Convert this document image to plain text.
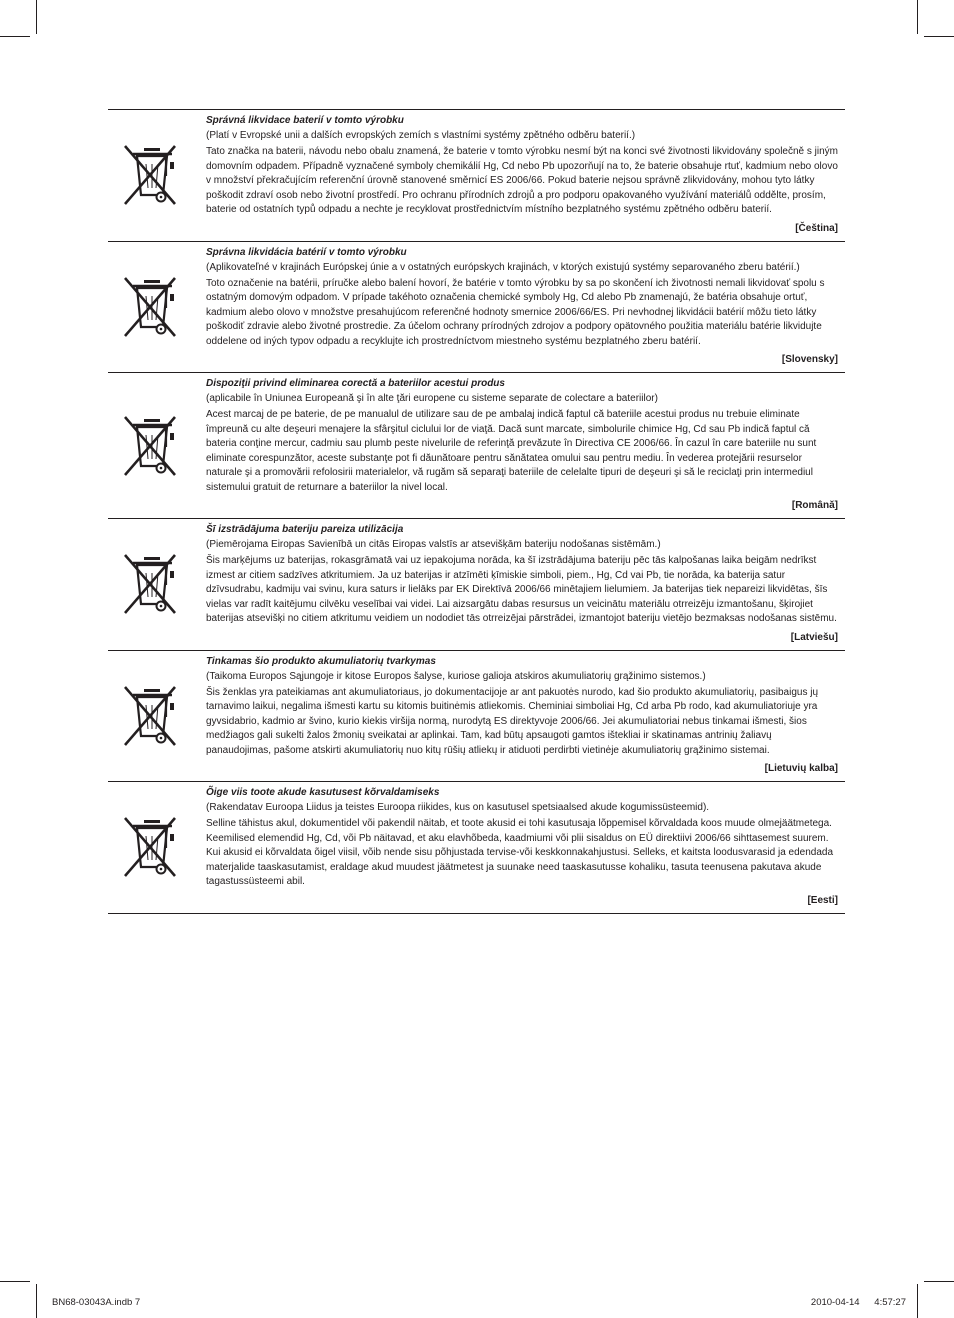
Správná likvidace baterií v tomto výrobku
(Platí v Evropské unii a dalších evropských zemích s vlastními systémy zpětného odběru baterií.)

Tato značka na baterii, návodu nebo obalu znamená, že baterie v tomto výrobku nesmí být na konci své životnosti likvidovány společně s jiným domovním odpadem. Případně vyznačené symboly chemikálií Hg, Cd nebo Pb upozorňují na to, že baterie obsahuje rtuť, kadmium nebo olovo v množství překračujícím referenční úrovně stanovené směrnicí ES 2006/66. Pokud baterie nejsou správně zlikvidovány, mohou tyto látky poškodit zdraví osob nebo životní prostředí. Pro ochranu přírodních zdrojů a pro podporu opakovaného využívání materiálů oddělte, prosím, baterie od ostatních typů odpadu a nechte je recyklovat prostřednictvím místního bezplatného systému zpětného odběru baterií.

[Čeština]
Správna likvidácia batérií v tomto výrobku
(Aplikovateľné v krajinách Európskej únie a v ostatných európskych krajinách, v ktorých existujú systémy separovaného zberu batérií.)

Toto označenie na batérii, príručke alebo balení hovorí, že batérie v tomto výrobku by sa po skončení ich životnosti nemali likvidovať spolu s ostatným domovým odpadom. V prípade takéhoto označenia chemické symboly Hg, Cd alebo Pb znamenajú, že batéria obsahuje ortuť, kadmium alebo olovo v množstve presahujúcom referenčné hodnoty smernice 2006/66/ES. Pri nevhodnej likvidácii batérií môžu tieto látky poškodiť zdravie alebo životné prostredie. Za účelom ochrany prírodných zdrojov a podpory opätovného použitia materiálu batérie likvidujte oddelene od iných typov odpadu a recyklujte ich prostredníctvom miestneho systému bezplatného zberu batérií.

[Slovensky]
Dispoziţii privind eliminarea corectă a bateriilor acestui produs
(aplicabile în Uniunea Europeană şi în alte ţări europene cu sisteme separate de colectare a bateriilor)

Acest marcaj de pe baterie, de pe manualul de utilizare sau de pe ambalaj indică faptul că bateriile acestui produs nu trebuie eliminate împreună cu alte deşeuri menajere la sfârşitul ciclului lor de viaţă. Dacă sunt marcate, simbolurile chimice Hg, Cd sau Pb indică faptul că bateria conţine mercur, cadmiu sau plumb peste nivelurile de referinţă prevăzute în Directiva CE 2006/66. În cazul în care bateriile nu sunt eliminate corespunzător, aceste substanţe pot fi dăunătoare pentru sănătatea omului sau pentru mediu. În vederea protejării resurselor naturale şi a promovării refolosirii materialelor, vă rugăm să separaţi bateriile de celelalte tipuri de deşeuri şi să le reciclaţi prin intermediul sistemului gratuit de returnare a bateriilor la nivel local.

[Română]
Šī izstrādājuma bateriju pareiza utilizācija
(Piemērojama Eiropas Savienībā un citās Eiropas valstīs ar atsevišķām bateriju nodošanas sistēmām.)

Šis marķējums uz baterijas, rokasgrāmatā vai uz iepakojuma norāda, ka šī izstrādājuma bateriju pēc tās kalpošanas laika beigām nedrīkst izmest ar citiem sadzīves atkritumiem. Ja uz baterijas ir atzīmēti ķīmiskie simboli, piem., Hg, Cd vai Pb, tie norāda, ka baterija satur dzīvsudrabu, kadmiju vai svinu, kura saturs ir lielāks par EK Direktīvā 2006/66 minētajiem lielumiem. Ja baterijas tiek nepareizi likvidētas, šīs vielas var radīt kaitējumu cilvēku veselībai vai videi. Lai aizsargātu dabas resursus un veicinātu materiālu otrreizēju izmantošanu, šķirojiet baterijas atsevišķi no citiem atkritumu veidiem un nododiet tās otrreizējai pārstrādei, izmantojot bateriju vietējo bezmaksas nodošanas sistēmu.

[Latviešu]
Tinkamas šio produkto akumuliatorių tvarkymas
(Taikoma Europos Sąjungoje ir kitose Europos šalyse, kuriose galioja atskiros akumuliatorių grąžinimo sistemos.)

Šis ženklas yra pateikiamas ant akumuliatoriaus, jo dokumentacijoje ar ant pakuotės nurodo, kad šio produkto akumuliatorių, pasibaigus jų tarnavimo laikui, negalima išmesti kartu su kitomis buitinėmis atliekomis. Cheminiai simboliai Hg, Cd arba Pb rodo, kad akumuliatoriuje yra gyvsidabrio, kadmio ar švino, kurio kiekis viršija normą, nurodytą ES direktyvoje 2006/66. Jei akumuliatoriai nebus tinkamai išmesti, šios medžiagos gali sukelti žalos žmonių sveikatai ar aplinkai. Tam, kad būtų apsaugoti gamtos ištekliai ir skatinamas antrinių žaliavų panaudojimas, pašome atskirti akumuliatorių nuo kitų rūšių atliekų ir atiduoti perdirbti vietinėje akumuliatorių grąžinimo sistemai.

[Lietuvių kalba]
Õige viis toote akude kasutusest kõrvaldamiseks
(Rakendatav Euroopa Liidus ja teistes Euroopa riikides, kus on kasutusel spetsiaalsed akude kogumissüsteemid).

Selline tähistus akul, dokumentidel või pakendil näitab, et toote akusid ei tohi kasutusaja lõppemisel kõrvaldada koos muude olmejäätmetega. Keemilised elemendid Hg, Cd, või Pb näitavad, et aku elavhõbeda, kaadmiumi või plii sisaldus on EÜ direktiivi 2006/66 sihttasemest suurem. Kui akusid ei kõrvaldata õigel viisil, võib nende sisu põhjustada tervise-või keskkonnakahjustusi. Selleks, et kaitsta loodusvarasid ja edendada materjalide taaskasutamist, eraldage akud muudest jäätmetest ja suunake need taaskasutusse kohaliku, tasuta teenusena pakutava akude tagastussüsteemi abil.

[Eesti]
BN68-03043A.indb 7	2010-04-14 　 4:57:27
